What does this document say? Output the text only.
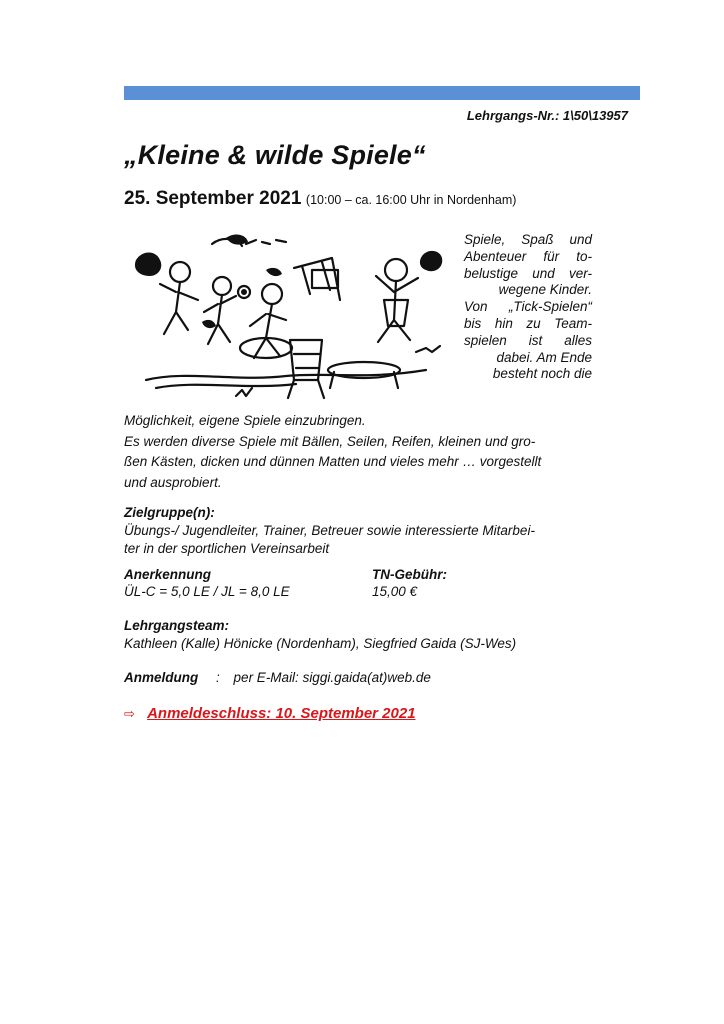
Lehrgangs-Nr.: 1\50\13957
„Kleine & wilde Spiele“
25. September 2021 (10:00 – ca. 16:00 Uhr in Nordenham)
Spiele, Spaß und
Abenteuer für to-
belustige und ver-
wegene Kinder.
Von „Tick-Spielen“
bis hin zu Team-
spielen ist alles
dabei. Am Ende
besteht noch die
Möglichkeit, eigene Spiele einzubringen.
Es werden diverse Spiele mit Bällen, Seilen, Reifen, kleinen und gro-
ßen Kästen, dicken und dünnen Matten und vieles mehr … vorgestellt
und ausprobiert.
Zielgruppe(n):
Übungs-/ Jugendleiter, Trainer, Betreuer sowie interessierte Mitarbei-
ter in der sportlichen Vereinsarbeit
Anerkennung
ÜL-C = 5,0 LE / JL = 8,0 LE
TN-Gebühr:
15,00 €
Lehrgangsteam:
Kathleen (Kalle) Hönicke (Nordenham), Siegfried Gaida (SJ-Wes)
Anmeldung : per E-Mail: siggi.gaida(at)web.de
⇨ Anmeldeschluss: 10. September 2021
